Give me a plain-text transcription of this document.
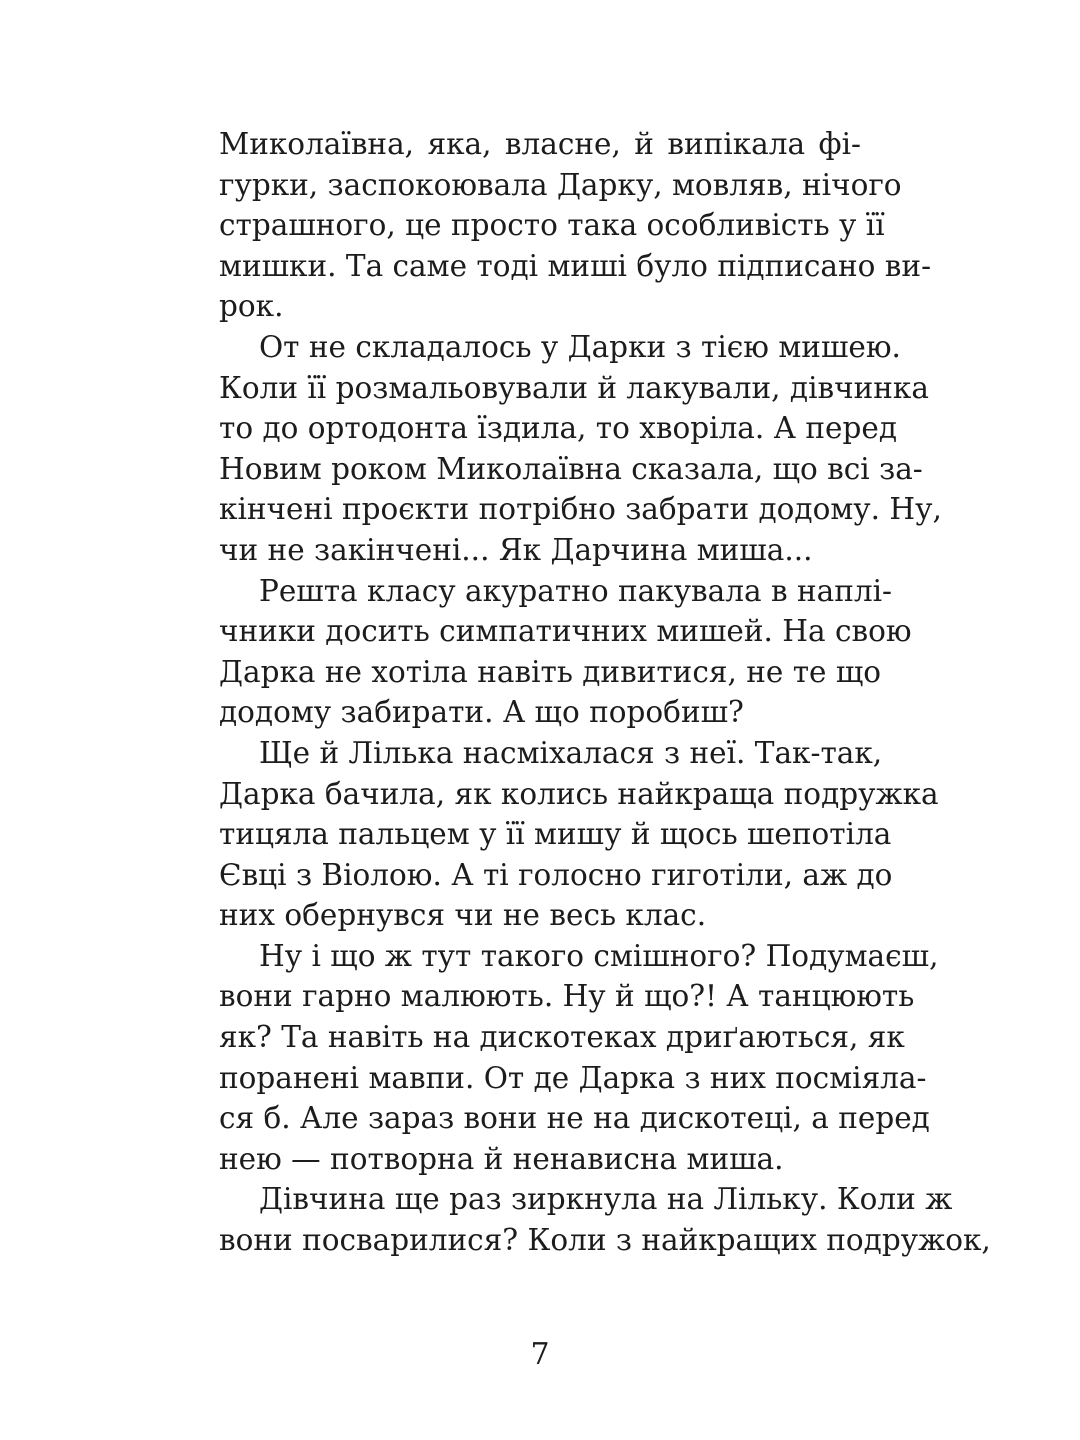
Миколаївна, яка, власне, й випікала фі-
гурки, заспокоювала Дарку, мовляв, нічого
страшного, це просто така особливість у її
мишки. Та саме тоді миші було підписано ви-
рок.
От не складалось у Дарки з тією мишею.
Коли її розмальовували й лакували, дівчинка
то до ортодонта їздила, то хворіла. А перед
Новим роком Миколаївна сказала, що всі за-
кінчені проєкти потрібно забрати додому. Ну,
чи не закінчені... Як Дарчина миша...
Решта класу акуратно пакувала в наплі-
чники досить симпатичних мишей. На свою
Дарка не хотіла навіть дивитися, не те що
додому забирати. А що поробиш?
Ще й Лілька насміхалася з неї. Так-так,
Дарка бачила, як колись найкраща подружка
тицяла пальцем у її мишу й щось шепотіла
Євці з Віолою. А ті голосно гиготіли, аж до
них обернувся чи не весь клас.
Ну і що ж тут такого смішного? Подумаєш,
вони гарно малюють. Ну й що?! А танцюють
як? Та навіть на дискотеках дриґаються, як
поранені мавпи. От де Дарка з них посміяла-
ся б. Але зараз вони не на дискотеці, а перед
нею — потворна й ненависна миша.
Дівчина ще раз зиркнула на Лільку. Коли ж
вони посварилися? Коли з найкращих подружок,
7
